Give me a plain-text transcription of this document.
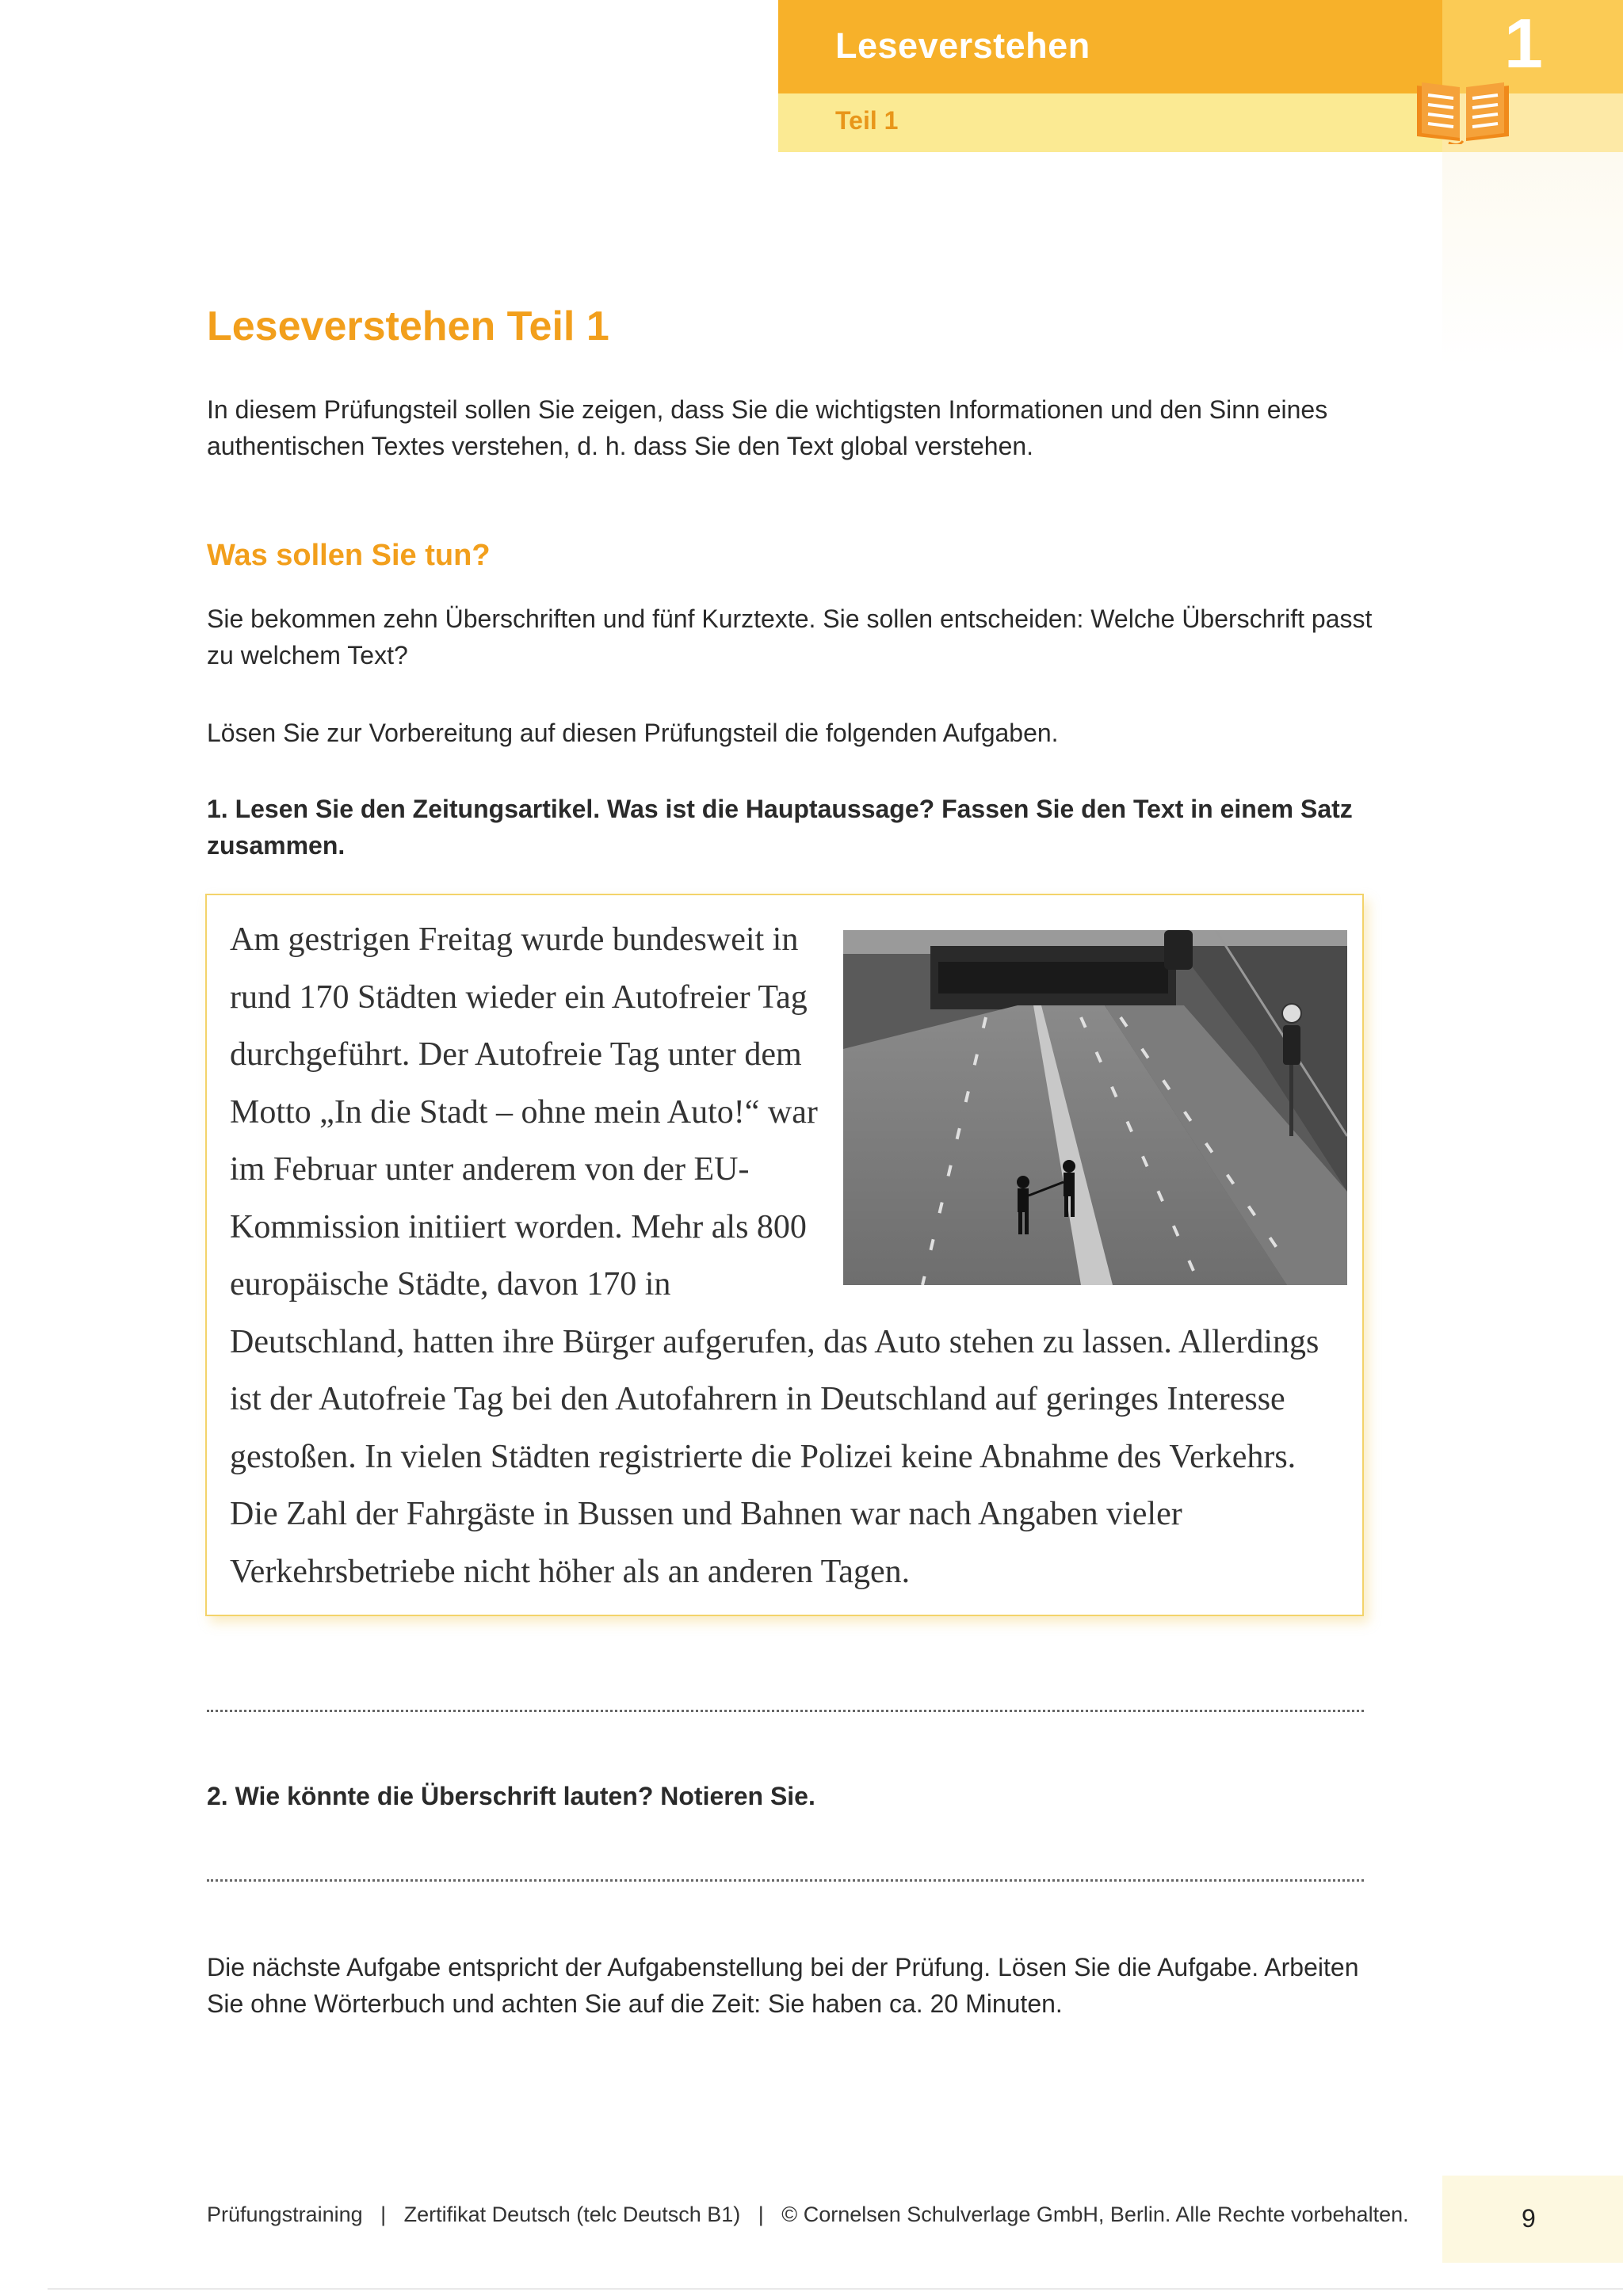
Leseverstehen
Teil 1
1
Leseverstehen Teil 1
In diesem Prüfungsteil sollen Sie zeigen, dass Sie die wichtigsten Informationen und den Sinn eines authentischen Textes verstehen, d. h. dass Sie den Text global verstehen.
Was sollen Sie tun?
Sie bekommen zehn Überschriften und fünf Kurztexte. Sie sollen entscheiden: Welche Überschrift passt zu welchem Text?
Lösen Sie zur Vorbereitung auf diesen Prüfungsteil die folgenden Aufgaben.
1. Lesen Sie den Zeitungsartikel. Was ist die Hauptaussage? Fassen Sie den Text in einem Satz zusammen.
Am gestrigen Freitag wurde bundesweit in rund 170 Städten wieder ein Autofreier Tag durchgeführt. Der Autofreie Tag unter dem Motto „In die Stadt – ohne mein Auto!“ war im Februar unter anderem von der EU-Kommission initiiert worden. Mehr als 800 europäische Städte, davon 170 in Deutschland, hatten ihre Bürger aufgerufen, das Auto stehen zu lassen. Allerdings ist der Autofreie Tag bei den Autofahrern in Deutschland auf geringes Interesse gestoßen. In vielen Städten registrierte die Polizei keine Abnahme des Verkehrs. Die Zahl der Fahrgäste in Bussen und Bahnen war nach Angaben vieler Verkehrsbetriebe nicht höher als an anderen Tagen.
2. Wie könnte die Überschrift lauten? Notieren Sie.
Die nächste Aufgabe entspricht der Aufgabenstellung bei der Prüfung. Lösen Sie die Aufgabe. Arbeiten Sie ohne Wörterbuch und achten Sie auf die Zeit: Sie haben ca. 20 Minuten.
Prüfungstraining   |   Zertifikat Deutsch (telc Deutsch B1)   |   © Cornelsen Schulverlage GmbH, Berlin. Alle Rechte vorbehalten.	9
